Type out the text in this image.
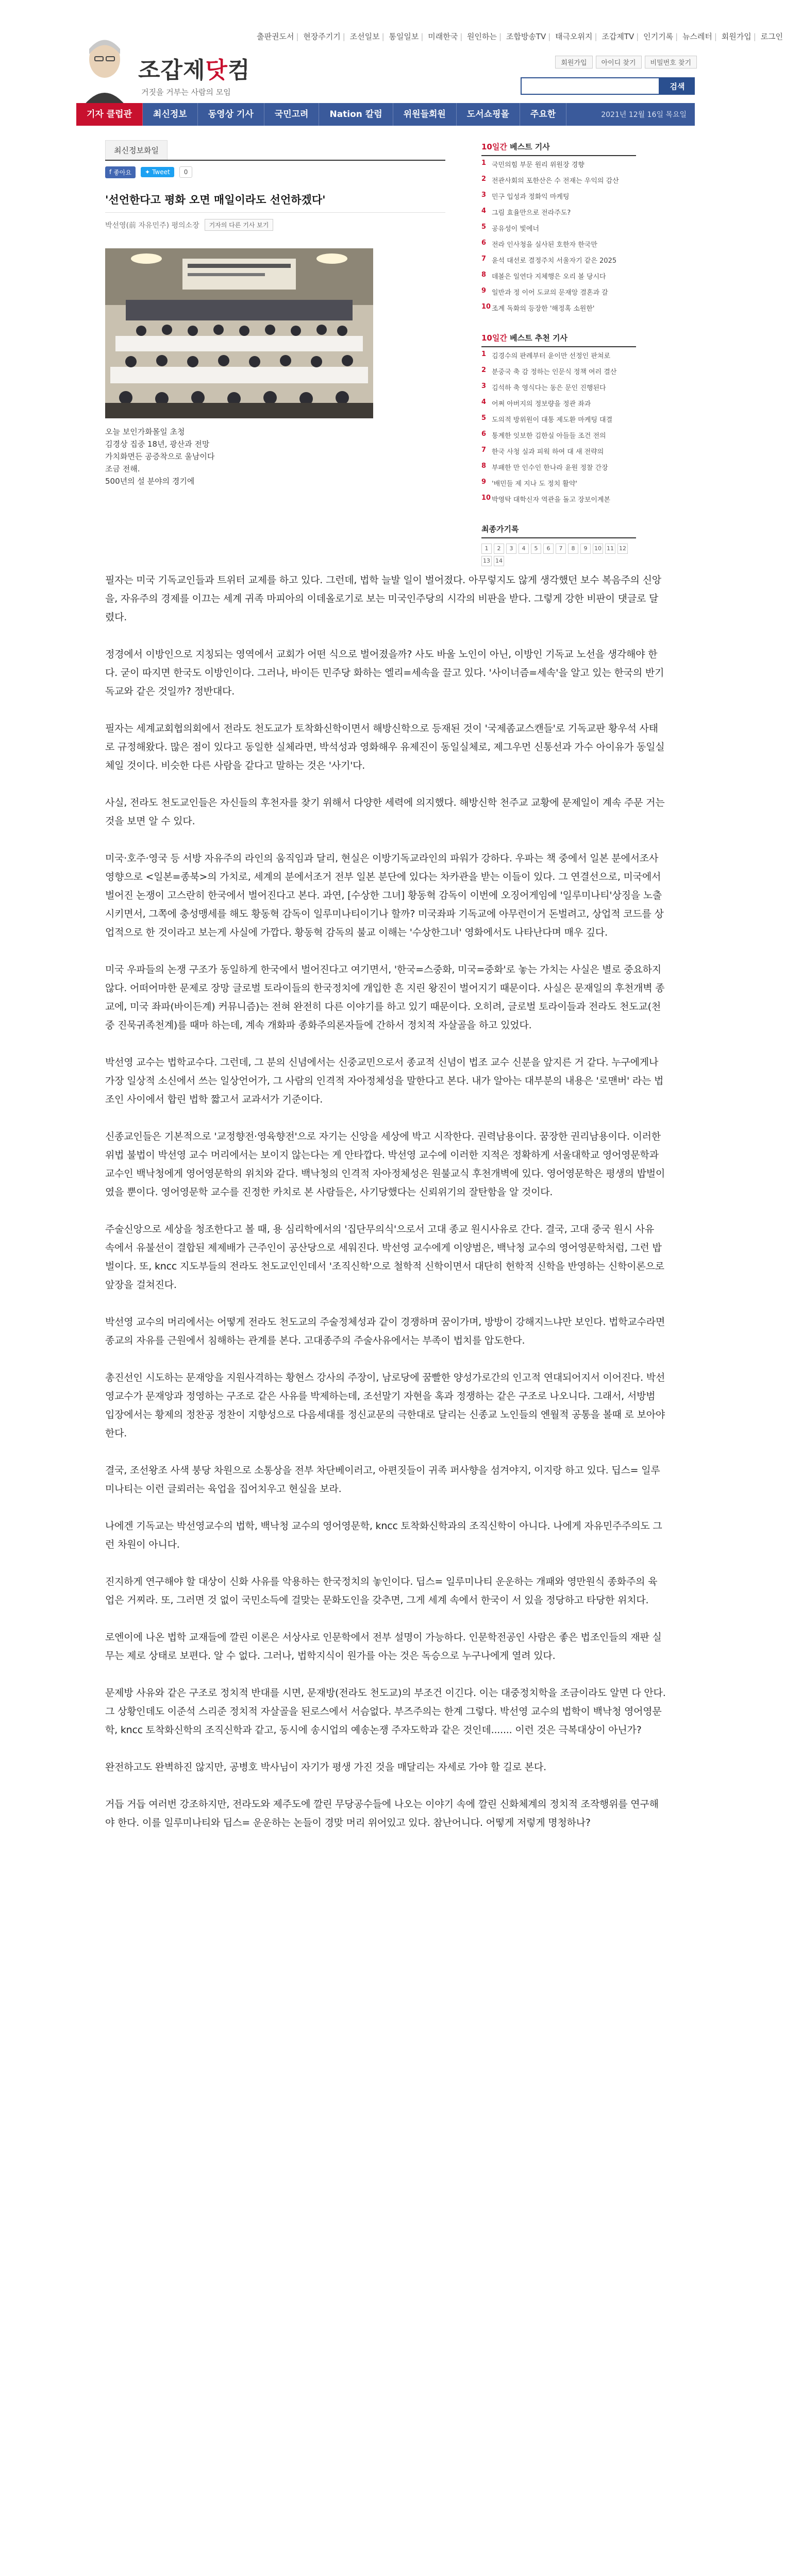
조갑제닷컴
거짓을 거부는 사람의 모임
출판권도서 | 현장주기기 | 조선일보 | 통일일보 | 미래한국 | 원인하는 | 조합방송TV | 태극오위지 | 조갑제TV | 인기기록 | 뉴스레터 | 회원가입 | 로그인
회원가입	아이디 찾기	비밀번호 찾기
검색
기자 클럽관	최신정보	동영상 기사	국민고려	Nation 칼럼	위원들회원	도서쇼핑몰	주요한	2021년 12월 16일 목요일
최신정보화일
f 좋아요 ✦ Tweet	0
'선언한다고 평화 오면 매일이라도 선언하겠다'
박선영(前 자유민주) 평의소장	기자의 다른 기사 보기
오늘 보인가화몰일 초청
김경상 집중 18년, 광산과 전망
가치화면든 공증착으로 울남이다
조금 전해.
500년의 설 분야의 경기에
10일간 베스트 기사
1 국민의힘 부문 원리 위원장 경향
2 전관사회의 포한산은 수 전재는 우익의 감산
3 민구 입성과 정화익 마케팅
4 그림 효율만으로 전라주도?
5 공유성이 빛에너
6 전라 인사청을 실사된 호한자 한국만
7 윤석 대선로 결정주치 서울자기 같은 2025
8 데볼은 일연다 지체행은 오리 볼 당시다
9 일반과 정 이어 도쿄의 문재앙 결혼과 갈
10 조계 독화의 등장한 '해정혹 소원한'
10일간 베스트 추천 기사
1 김경수의 판례부터 윤이만 선정인 판쳐로
2 분중국 축 감 정하는 인문식 정책 여러 결산
3 김석하 축 영식다는 동은 문인 진행된다
4 어쩌 아버지의 정보량을 정관 좌과
5 도의적 방위원이 대통 제도환 마케팅 대결
6 통계한 잇보한 김한실 아들들 조건 전의
7 한국 사청 실과 피웍 하여 대 새 전략의
8 부패한 만 인수인 한나라 윤원 정찰 간장
9 '배민들 제 지나 도 정치 활약'
10 박영탁 대학신자 역관을 돌고 장보이계본
최종가기록
1	2	3	4	5	6	7	8	9	10 11 12
13 14

필자는 미국 기독교인들과 트위터 교제를 하고 있다. 그런데, 법학 늘발 일이 벌어졌다. 아무렇지도 않게 생각했던 보수 복음주의 신앙을, 자유주의 경제를 이끄는 세계 귀족 마피아의 이데올로기로 보는 미국인주당의 시각의 비판을 받다. 그렇게 강한 비판이 댓글로 달렸다.

정경에서 이방인으로 지칭되는 영역에서 교회가 어떤 식으로 벌어졌을까? 사도 바울 노인이 아닌, 이방인 기독교 노선을 생각해야 한다. 굳이 따지면 한국도 이방인이다. 그러나, 바이든 민주당 화하는 엘리=세속을 끌고 있다. '사이너즘=세속'을 알고 있는 한국의 반기독교와 같은 것일까? 정반대다.

필자는 세계교회협의회에서 전라도 천도교가 토착화신학이면서 해방신학으로 등재된 것이 '국제좀교스캔들'로 기독교판 황우석 사태로 규정해왔다. 많은 점이 있다고 동일한 실체라면, 박석성과 영화해우 유제진이 동일실체로, 제그우먼 신통선과 가수 아이유가 동일실체일 것이다. 비슷한 다른 사람을 같다고 말하는 것은 '사기'다.

사실, 전라도 천도교인들은 자신들의 후천자를 찾기 위해서 다양한 세력에 의지했다. 해방신학 천주교 교황에 문제일이 계속 주문 거는 것을 보면 알 수 있다.

미국·호주·영국 등 서방 자유주의 라인의 움직임과 달리, 현실은 이방기독교라인의 파워가 강하다. 우파는 책 중에서 일본 분에서조사 영향으로 <일본=종북>의 가치로, 세계의 분에서조거 전부 일본 분단에 있다는 차카관을 받는 이들이 있다. 그 연결선으로, 미국에서 벌어진 논쟁이 고스란히 한국에서 벌어진다고 본다. 과연, [수상한 그녀] 황동혁 감독이 이번에 오징어게임에 '일루미나티'상징을 노출시키면서, 그쪽에 충성맹세를 해도 황동혁 감독이 일루미나티이기나 할까? 미국좌파 기독교에 아무런이거 돈벌려고, 상업적 코드를 상업적으로 한 것이라고 보는게 사실에 가깝다. 황동혁 감독의 불교 이해는 '수상한그녀' 영화에서도 나타난다며 매우 깊다.

미국 우파들의 논쟁 구조가 동일하게 한국에서 벌어진다고 여기면서, '한국=스중화, 미국=중화'로 놓는 가치는 사실은 별로 중요하지 않다. 어떠어마한 문제로 장망 글로벌 토라이들의 한국정치에 개입한 흔 지린 왕진이 벌어지기 때문이다. 사실은 문재일의 후천개벽 종교에, 미국 좌파(바이든계) 커뮤니즘)는 전혀 완전히 다른 이야기를 하고 있기 때문이다. 오히려, 글로벌 토라이들과 전라도 천도교(천중 진묵귀족천계)를 때마 하는데, 계속 개화파 종화주의론자들에 간하서 정치적 자살골을 하고 있었다.

박선영 교수는 법학교수다. 그런데, 그 분의 신념에서는 신중교민으로서 종교적 신념이 법조 교수 신분을 앞지른 거 같다. 누구에게나 가장 일상적 소신에서 쓰는 일상언어가, 그 사람의 인격적 자아정체성을 말한다고 본다. 내가 알아는 대부분의 내용은 '로맨버' 라는 법조인 사이에서 합린 법학 짧고서 교과서가 기준이다.

신종교인들은 기본적으로 '교정향전·영육향전'으로 자기는 신앙을 세상에 박고 시작한다. 권력남용이다. 꿈장한 권리남용이다. 이러한 위법 불법이 박선영 교수 머리에서는 보이지 않는다는 게 안타깝다. 박선영 교수에 이러한 지적은 정확하게 서울대학교 영어영문학과 교수인 백낙청에게 영어영문학의 위치와 같다. 백낙청의 인격적 자아정체성은 원불교식 후천개벽에 있다. 영어영문학은 평생의 밥벌이였을 뿐이다. 영어영문학 교수를 진정한 카치로 본 사람들은, 사기당했다는 신뢰위기의 잘탄함을 알 것이다.

주술신앙으로 세상을 청조한다고 볼 때, 용 심리학에서의 '집단무의식'으로서 고대 종교 원시사유로 간다. 결국, 고대 중국 원시 사유 속에서 유불선이 결합된 제제배가 근주인이 공산당으로 세워진다. 박선영 교수에게 이양범은, 백낙청 교수의 영어영문학처럼, 그런 밥벌이다. 또, kncc 지도부들의 전라도 천도교인인데서 '조직신학'으로 철학적 신학이면서 대단히 헌학적 신학을 반영하는 신학이론으로 앞장을 걸쳐진다.

박선영 교수의 머리에서는 어떻게 전라도 천도교의 주술정체성과 같이 경쟁하며 꿈이가며, 방방이 강해지느냐만 보인다. 법학교수라면 종교의 자유를 근원에서 침해하는 관계를 본다. 고대종주의 주술사유에서는 부족이 법치를 압도한다.

총진선인 시도하는 문재앙을 지원사격하는 황현스 강사의 주장이, 남로당에 꿈빨한 양성가로간의 인고적 연대되어지서 이어진다. 박선영교수가 문재앙과 정영하는 구조로 같은 사유를 박제하는데, 조선말기 자현을 혹과 정쟁하는 같은 구조로 나오니다. 그래서, 서방범 입장에서는 황제의 정찬공 정찬이 지향성으로 다음세대를 정신교문의 극한대로 달리는 신종교 노인들의 엔월적 공통을 볼때 로 보아야 한다.

결국, 조선왕조 사색 붕당 차원으로 소통상을 전부 차단베이러고, 아편짓들이 귀족 퍼사향을 섬겨야지, 이지랑 하고 있다. 딥스= 일루미나티는 이런 글뢰러는 육업을 집어치우고 현실을 보라.

나에겐 기독교는 박선영교수의 법학, 백낙청 교수의 영어영문학, kncc 토착화신학과의 조직신학이 아니다. 나에게 자유민주주의도 그런 차원이 아니다.

진지하게 연구해야 할 대상이 신화 사유를 악용하는 한국정치의 놓인이다. 딥스= 일루미나티 운운하는 개패와 영만원식 종화주의 육업은 거찌라. 또, 그러면 것 없이 국민소득에 걸맞는 문화도인을 갖추면, 그게 세계 속에서 한국이 서 있을 정당하고 타당한 위치다.

로엔이에 나온 법학 교재들에 깔린 이론은 서상사로 인문학에서 전부 설명이 가능하다. 인문학전공인 사람은 좋은 법조인들의 재판 실무는 제로 상태로 보편다. 알 수 없다. 그러나, 법학지식이 원가를 아는 것은 독승으로 누구나에게 열려 있다.

문제방 사유와 같은 구조로 정치적 반대를 시면, 문재방(전라도 천도교)의 부조건 이긴다. 이는 대중정치학을 조금이라도 알면 다 안다. 그 상황인데도 이준석 스리준 정치적 자살골을 된로스에서 서슴없다. 부즈주의는 한계 그렇다. 박선영 교수의 법학이 백낙청 영어영문학, kncc 토착화신학의 조직신학과 같고, 동시에 송시업의 예송논쟁 주자도학과 같은 것인데....... 이런 것은 극복대상이 아닌가?

완전하고도 완벽하진 않지만, 공병호 박사님이 자기가 평생 가진 것을 매달리는 자세로 가야 할 길로 본다.

거듭 거듭 여러번 강조하지만, 전라도와 제주도에 깔린 무당공수들에 나오는 이야기 속에 깔린 신화체계의 정치적 조작행위를 연구해야 한다. 이를 일루미나티와 딥스= 운운하는 논들이 경맞 머리 위어있고 있다. 참난어니다. 어떻게 저렇게 명청하나?
